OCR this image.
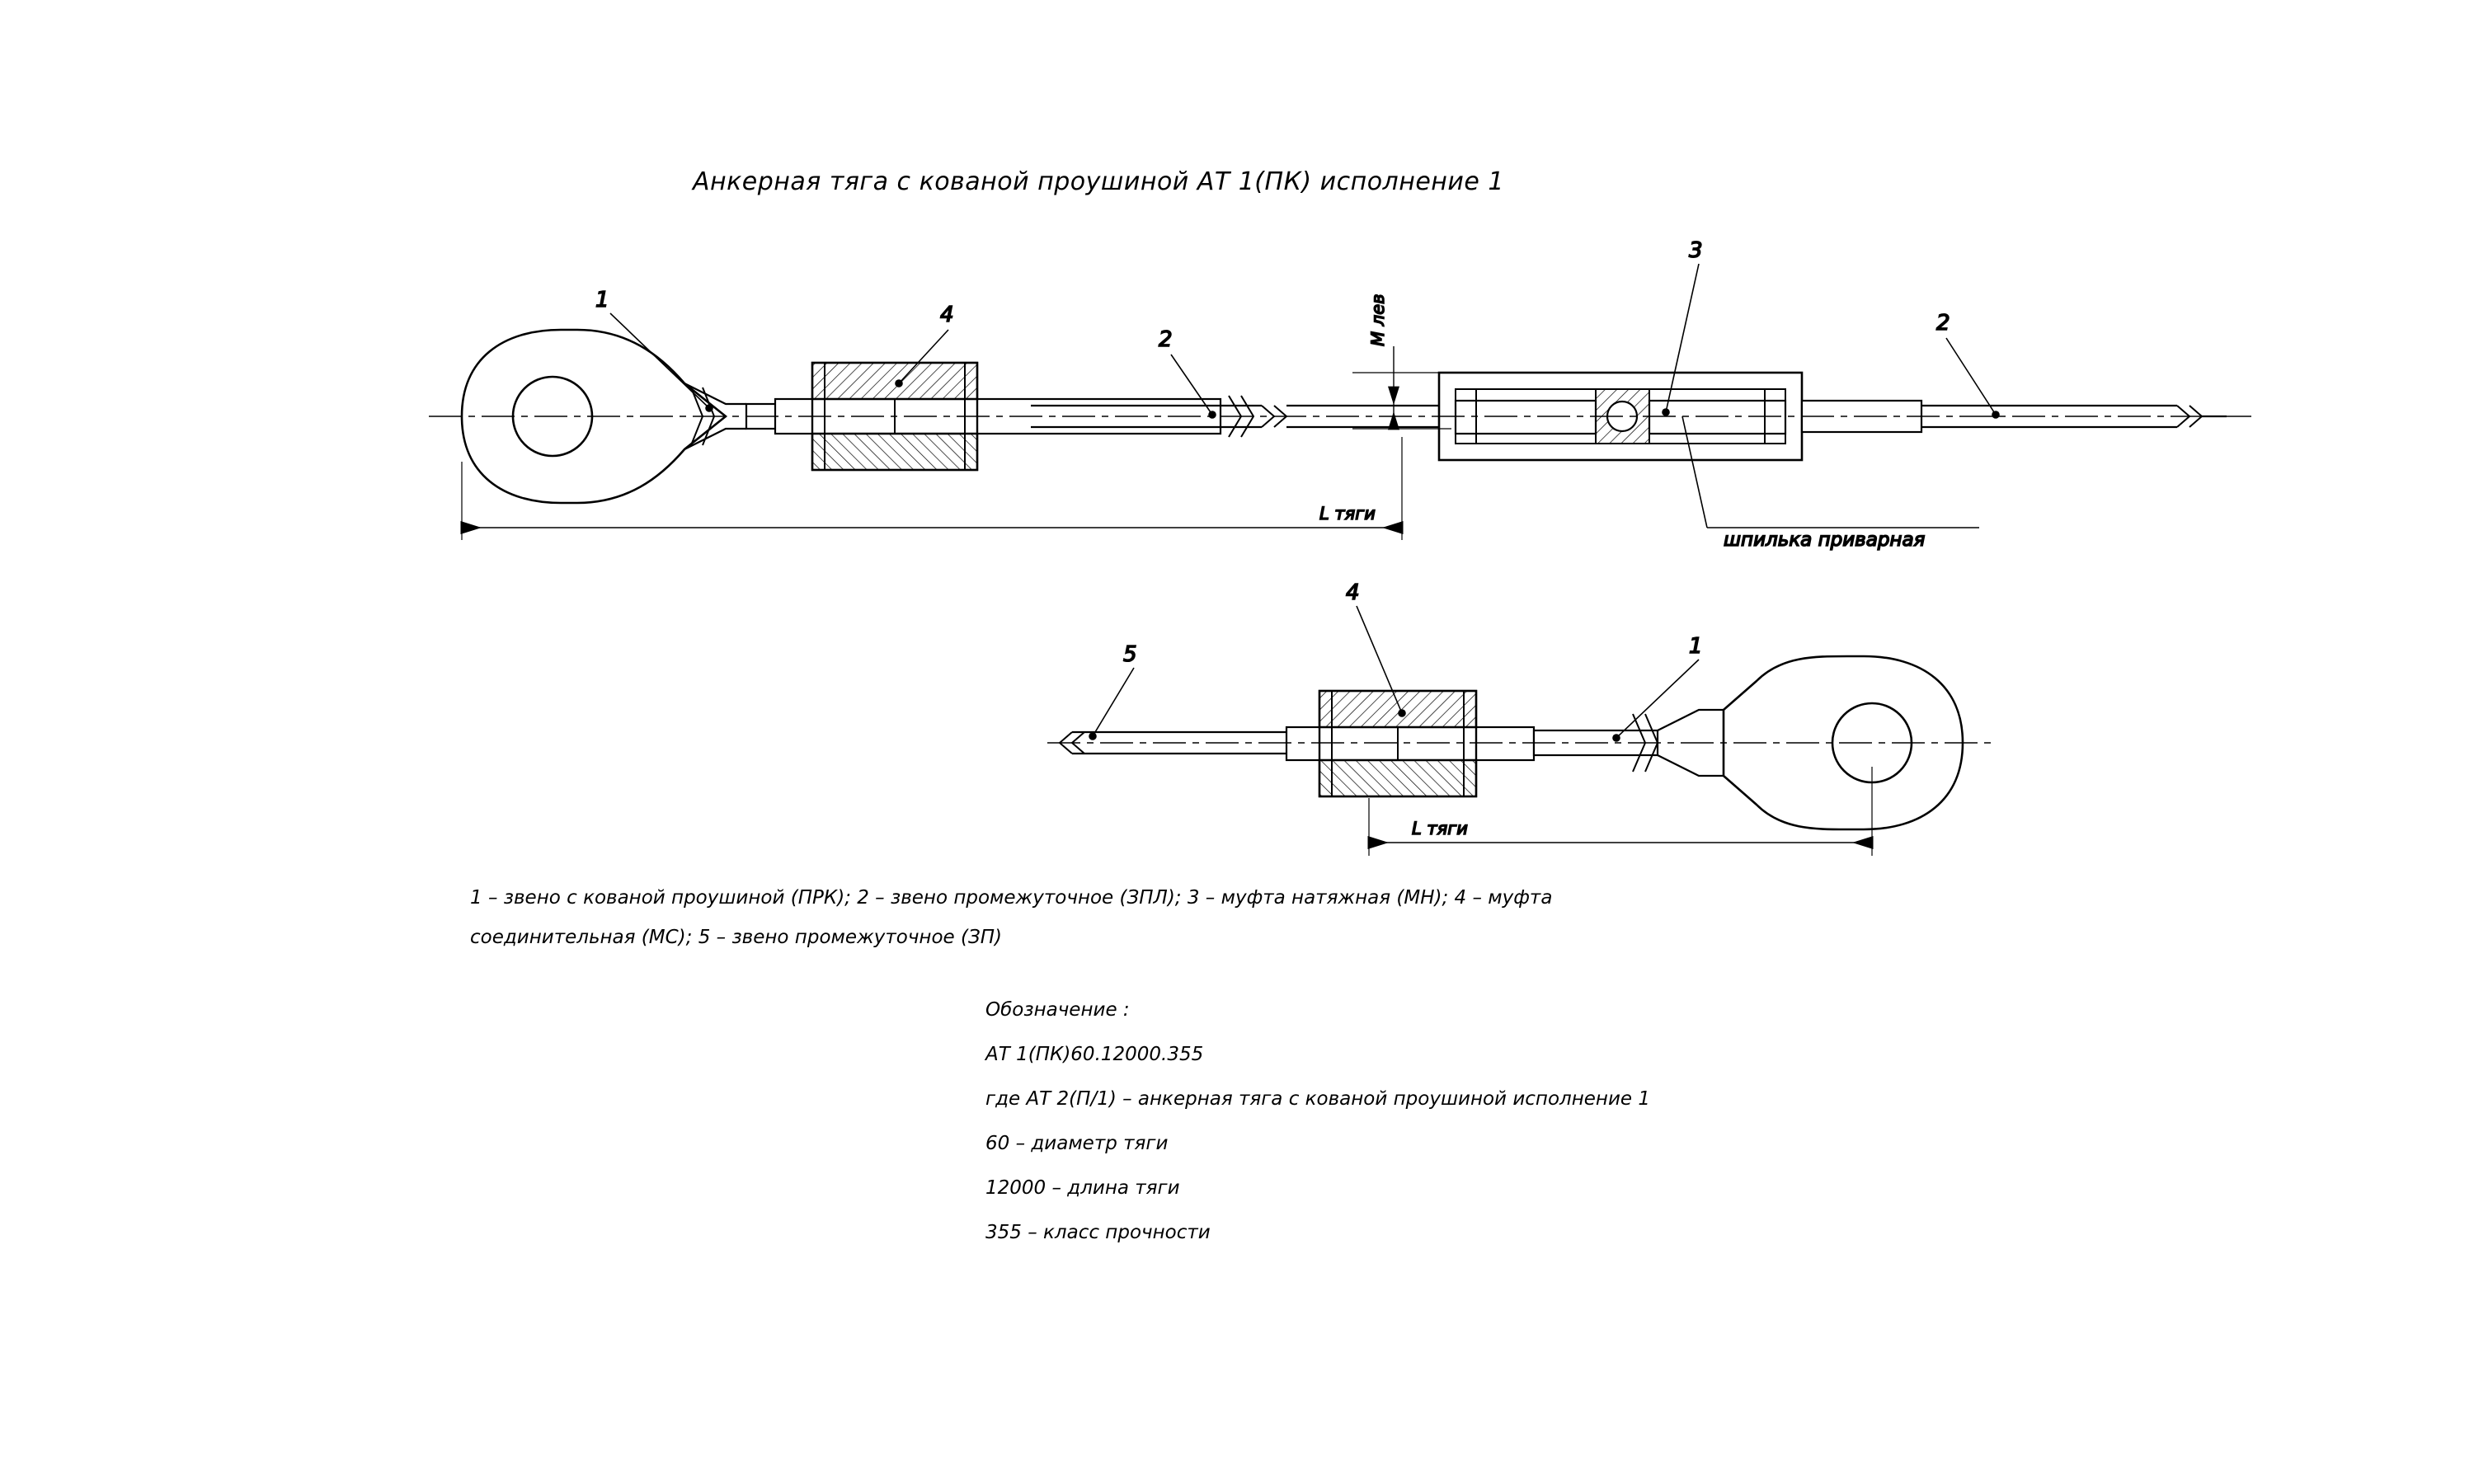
Анкерная тяга с кованой проушиной АТ 1(ПК) исполнение 1
1
4
2
3
2
М лев
L тяги
шпилька приварная
5
4
1
L тяги
1 – звено с кованой проушиной (ПРК); 2 – звено промежуточное (ЗПЛ); 3 – муфта натяжная (МН); 4 – муфта
соединительная (МС); 5 – звено промежуточное (ЗП)
Обозначение :
АТ 1(ПК)60.12000.355
где АТ 2(П/1) – анкерная тяга с кованой проушиной исполнение 1
60 – диаметр тяги
12000 – длина тяги
355 – класс прочности
